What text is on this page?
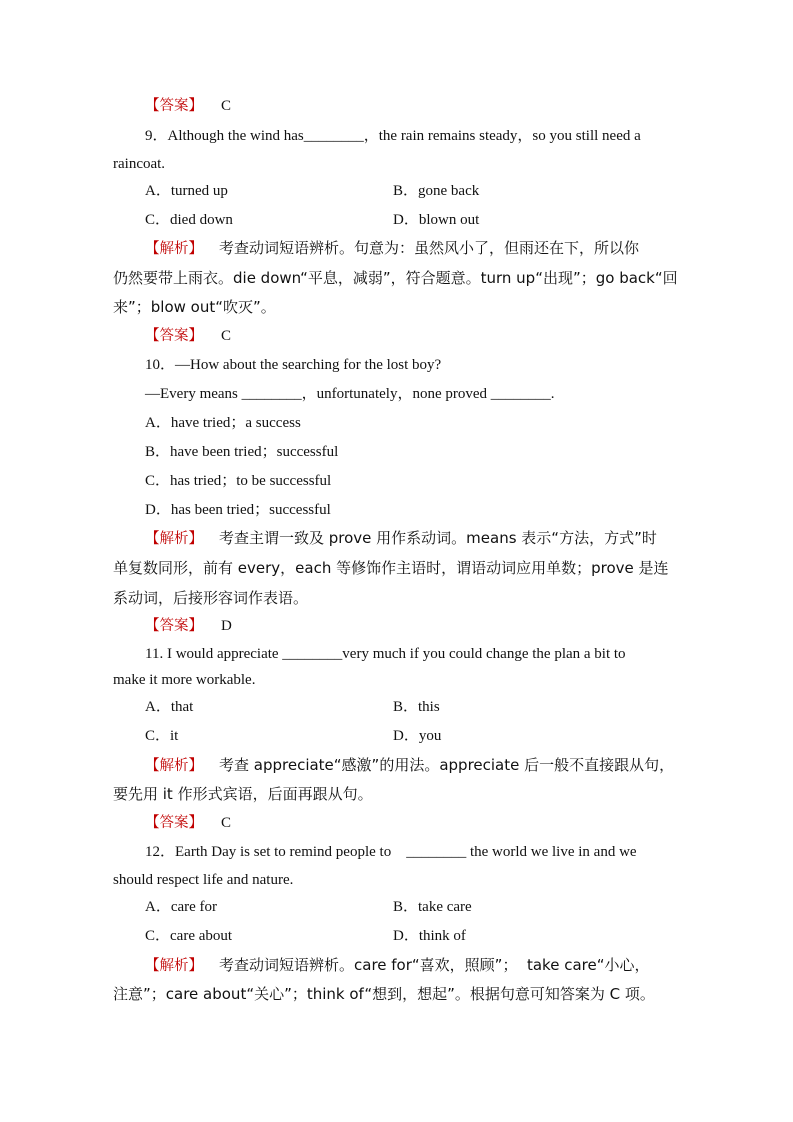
【答案】 C
9．Although the wind has________，the rain remains steady，so you still need a
raincoat.
A．turned up	B．gone back
C．died down	D．blown out
【解析】 考查动词短语辨析。句意为：虽然风小了，但雨还在下，所以你
仍然要带上雨衣。die down“平息，减弱”，符合题意。turn up“出现”；go back“回
来”；blow out“吹灭”。
【答案】 C
10．—How about the searching for the lost boy?
—Every means ________，unfortunately，none proved ________.
A．have tried；a success
B．have been tried；successful
C．has tried；to be successful
D．has been tried；successful
【解析】 考查主谓一致及 prove 用作系动词。means 表示“方法，方式”时
单复数同形，前有 every，each 等修饰作主语时，谓语动词应用单数；prove 是连
系动词，后接形容词作表语。
【答案】 D
11. I would appreciate ________very much if you could change the plan a bit to
make it more workable.
A．that	B．this
C．it	D．you
【解析】 考查 appreciate“感激”的用法。appreciate 后一般不直接跟从句，
要先用 it 作形式宾语，后面再跟从句。
【答案】 C
12．Earth Day is set to remind people to    ________ the world we live in and we
should respect life and nature.
A．care for	B．take care
C．care about	D．think of
【解析】 考查动词短语辨析。care for“喜欢，照顾”；  take care“小心，
注意”；care about“关心”；think of“想到，想起”。根据句意可知答案为 C 项。
